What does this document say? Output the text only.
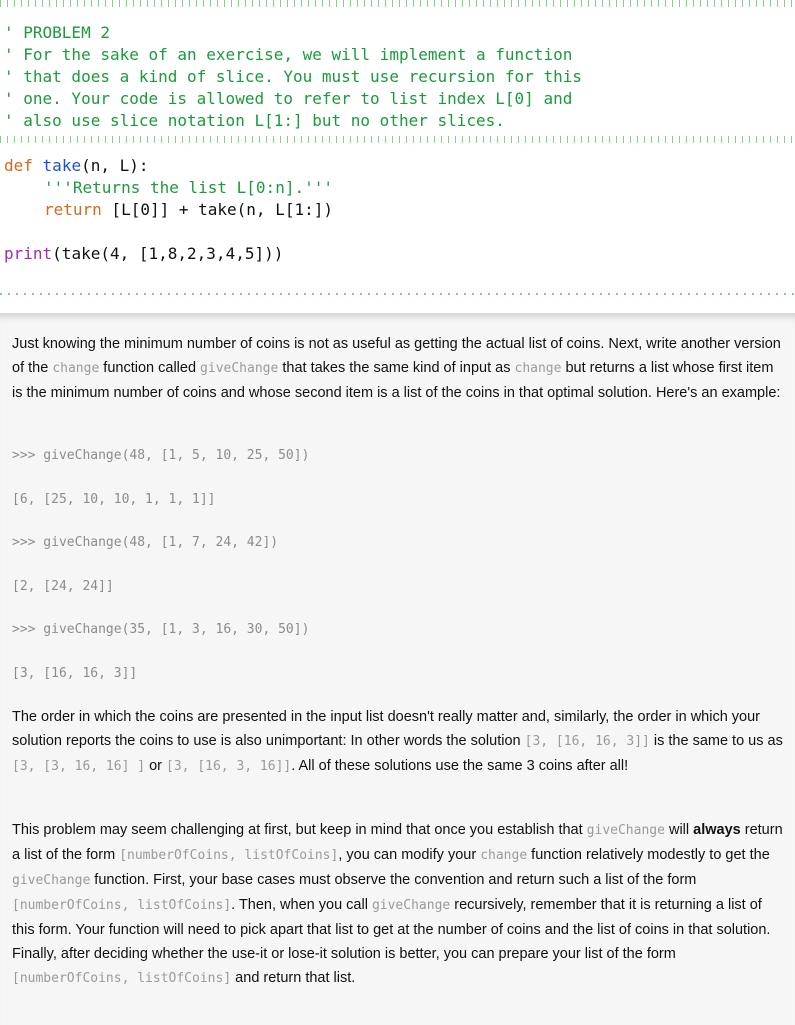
' PROBLEM 2
' For the sake of an exercise, we will implement a function
' that does a kind of slice. You must use recursion for this
' one. Your code is allowed to refer to list index L[0] and
' also use slice notation L[1:] but no other slices.
def take(n, L):
'''Returns the list L[0:n].'''
return [L[0]] + take(n, L[1:])
print(take(4, [1,8,2,3,4,5]))
Just knowing the minimum number of coins is not as useful as getting the actual list of coins. Next, write another version of the change function called giveChange that takes the same kind of input as change but returns a list whose first item is the minimum number of coins and whose second item is a list of the coins in that optimal solution. Here's an example:
>>> giveChange(48, [1, 5, 10, 25, 50])
[6, [25, 10, 10, 1, 1, 1]]
>>> giveChange(48, [1, 7, 24, 42])
[2, [24, 24]]
>>> giveChange(35, [1, 3, 16, 30, 50])
[3, [16, 16, 3]]
The order in which the coins are presented in the input list doesn't really matter and, similarly, the order in which your solution reports the coins to use is also unimportant: In other words the solution [3, [16, 16, 3]] is the same to us as [3, [3, 16, 16] ] or [3, [16, 3, 16]]. All of these solutions use the same 3 coins after all!
This problem may seem challenging at first, but keep in mind that once you establish that giveChange will always return a list of the form [numberOfCoins, listOfCoins], you can modify your change function relatively modestly to get the giveChange function. First, your base cases must observe the convention and return such a list of the form [numberOfCoins, listOfCoins]. Then, when you call giveChange recursively, remember that it is returning a list of this form. Your function will need to pick apart that list to get at the number of coins and the list of coins in that solution. Finally, after deciding whether the use-it or lose-it solution is better, you can prepare your list of the form [numberOfCoins, listOfCoins] and return that list.
